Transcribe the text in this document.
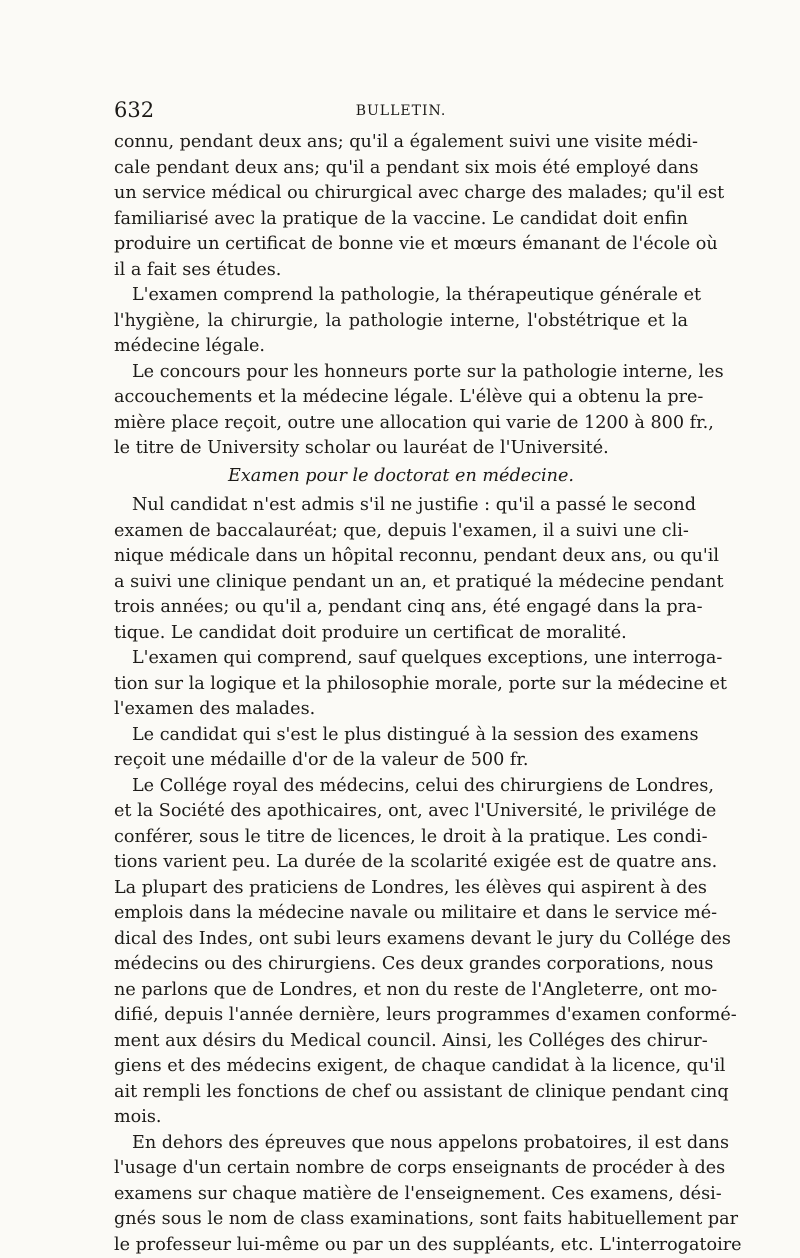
632	BULLETIN.

connu, pendant deux ans; qu'il a également suivi une visite médi-
cale pendant deux ans; qu'il a pendant six mois été employé dans
un service médical ou chirurgical avec charge des malades; qu'il est
familiarisé avec la pratique de la vaccine. Le candidat doit enfin
produire un certificat de bonne vie et mœurs émanant de l'école où
il a fait ses études.

L'examen comprend la pathologie, la thérapeutique générale et
l'hygiène, la chirurgie, la pathologie interne, l'obstétrique et la
médecine légale.

Le concours pour les honneurs porte sur la pathologie interne, les
accouchements et la médecine légale. L'élève qui a obtenu la pre-
mière place reçoit, outre une allocation qui varie de 1200 à 800 fr.,
le titre de University scholar ou lauréat de l'Université.

Examen pour le doctorat en médecine.

Nul candidat n'est admis s'il ne justifie : qu'il a passé le second
examen de baccalauréat; que, depuis l'examen, il a suivi une cli-
nique médicale dans un hôpital reconnu, pendant deux ans, ou qu'il
a suivi une clinique pendant un an, et pratiqué la médecine pendant
trois années; ou qu'il a, pendant cinq ans, été engagé dans la pra-
tique. Le candidat doit produire un certificat de moralité.

L'examen qui comprend, sauf quelques exceptions, une interroga-
tion sur la logique et la philosophie morale, porte sur la médecine et
l'examen des malades.

Le candidat qui s'est le plus distingué à la session des examens
reçoit une médaille d'or de la valeur de 500 fr.

Le Collége royal des médecins, celui des chirurgiens de Londres,
et la Société des apothicaires, ont, avec l'Université, le privilége de
conférer, sous le titre de licences, le droit à la pratique. Les condi-
tions varient peu. La durée de la scolarité exigée est de quatre ans.
La plupart des praticiens de Londres, les élèves qui aspirent à des
emplois dans la médecine navale ou militaire et dans le service mé-
dical des Indes, ont subi leurs examens devant le jury du Collége des
médecins ou des chirurgiens. Ces deux grandes corporations, nous
ne parlons que de Londres, et non du reste de l'Angleterre, ont mo-
difié, depuis l'année dernière, leurs programmes d'examen conformé-
ment aux désirs du Medical council. Ainsi, les Colléges des chirur-
giens et des médecins exigent, de chaque candidat à la licence, qu'il
ait rempli les fonctions de chef ou assistant de clinique pendant cinq
mois.

En dehors des épreuves que nous appelons probatoires, il est dans
l'usage d'un certain nombre de corps enseignants de procéder à des
examens sur chaque matière de l'enseignement. Ces examens, dési-
gnés sous le nom de class examinations, sont faits habituellement par
le professeur lui-même ou par un des suppléants, etc. L'interrogatoire
